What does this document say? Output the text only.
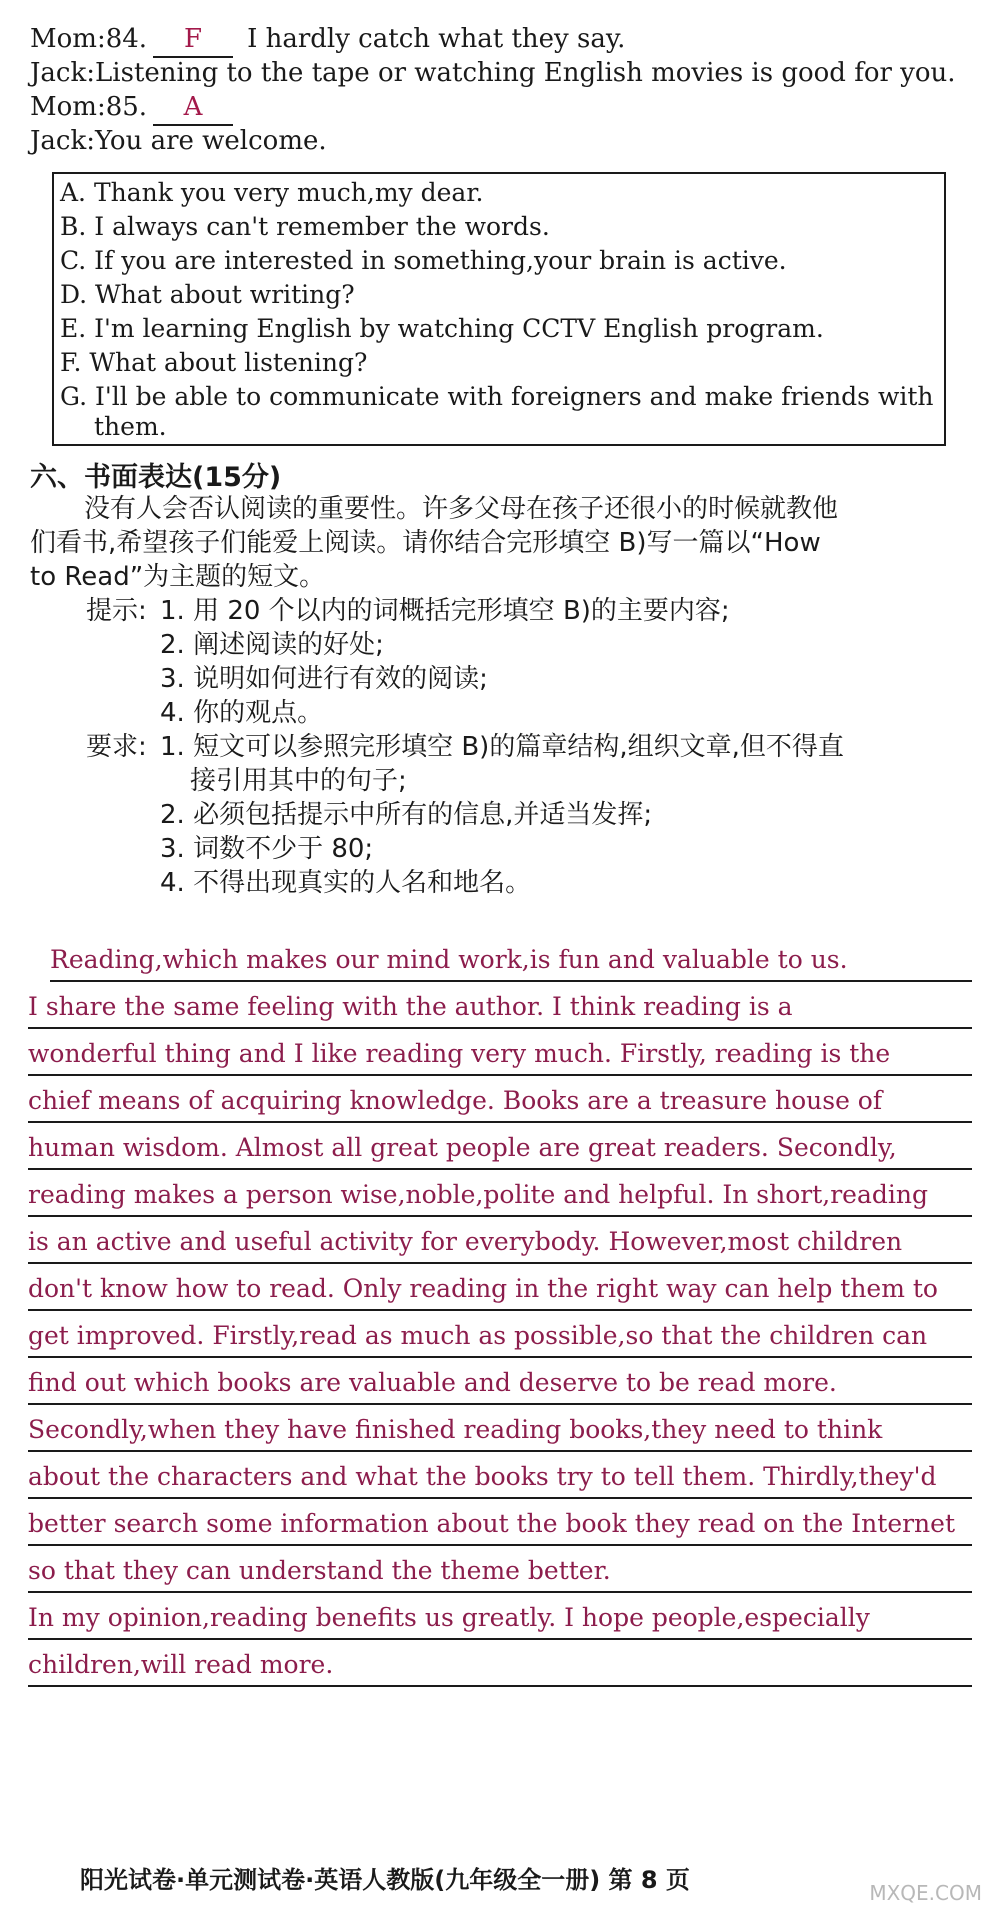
Mom:84. F I hardly catch what they say.
Jack:Listening to the tape or watching English movies is good for you.
Mom:85. A
Jack:You are welcome.
A. Thank you very much,my dear.
B. I always can't remember the words.
C. If you are interested in something,your brain is active.
D. What about writing?
E. I'm learning English by watching CCTV English program.
F. What about listening?
G. I'll be able to communicate with foreigners and make friends with
them.
六、书面表达(15分)
没有人会否认阅读的重要性。许多父母在孩子还很小的时候就教他
们看书,希望孩子们能爱上阅读。请你结合完形填空 B)写一篇以“How
to Read”为主题的短文。
提示: 1. 用 20 个以内的词概括完形填空 B)的主要内容;
2. 阐述阅读的好处;
3. 说明如何进行有效的阅读;
4. 你的观点。
要求: 1. 短文可以参照完形填空 B)的篇章结构,组织文章,但不得直
接引用其中的句子;
2. 必须包括提示中所有的信息,并适当发挥;
3. 词数不少于 80;
4. 不得出现真实的人名和地名。
Reading,which makes our mind work,is fun and valuable to us.
I share the same feeling with the author. I think reading is a
wonderful thing and I like reading very much. Firstly, reading is the
chief means of acquiring knowledge. Books are a treasure house of
human wisdom. Almost all great people are great readers. Secondly,
reading makes a person wise,noble,polite and helpful. In short,reading
is an active and useful activity for everybody. However,most children
don't know how to read. Only reading in the right way can help them to
get improved. Firstly,read as much as possible,so that the children can
find out which books are valuable and deserve to be read more.
Secondly,when they have finished reading books,they need to think
about the characters and what the books try to tell them. Thirdly,they'd
better search some information about the book they read on the Internet
so that they can understand the theme better.
In my opinion,reading benefits us greatly. I hope people,especially
children,will read more.
阳光试卷·单元测试卷·英语人教版(九年级全一册) 第 8 页	MXQE.COM
